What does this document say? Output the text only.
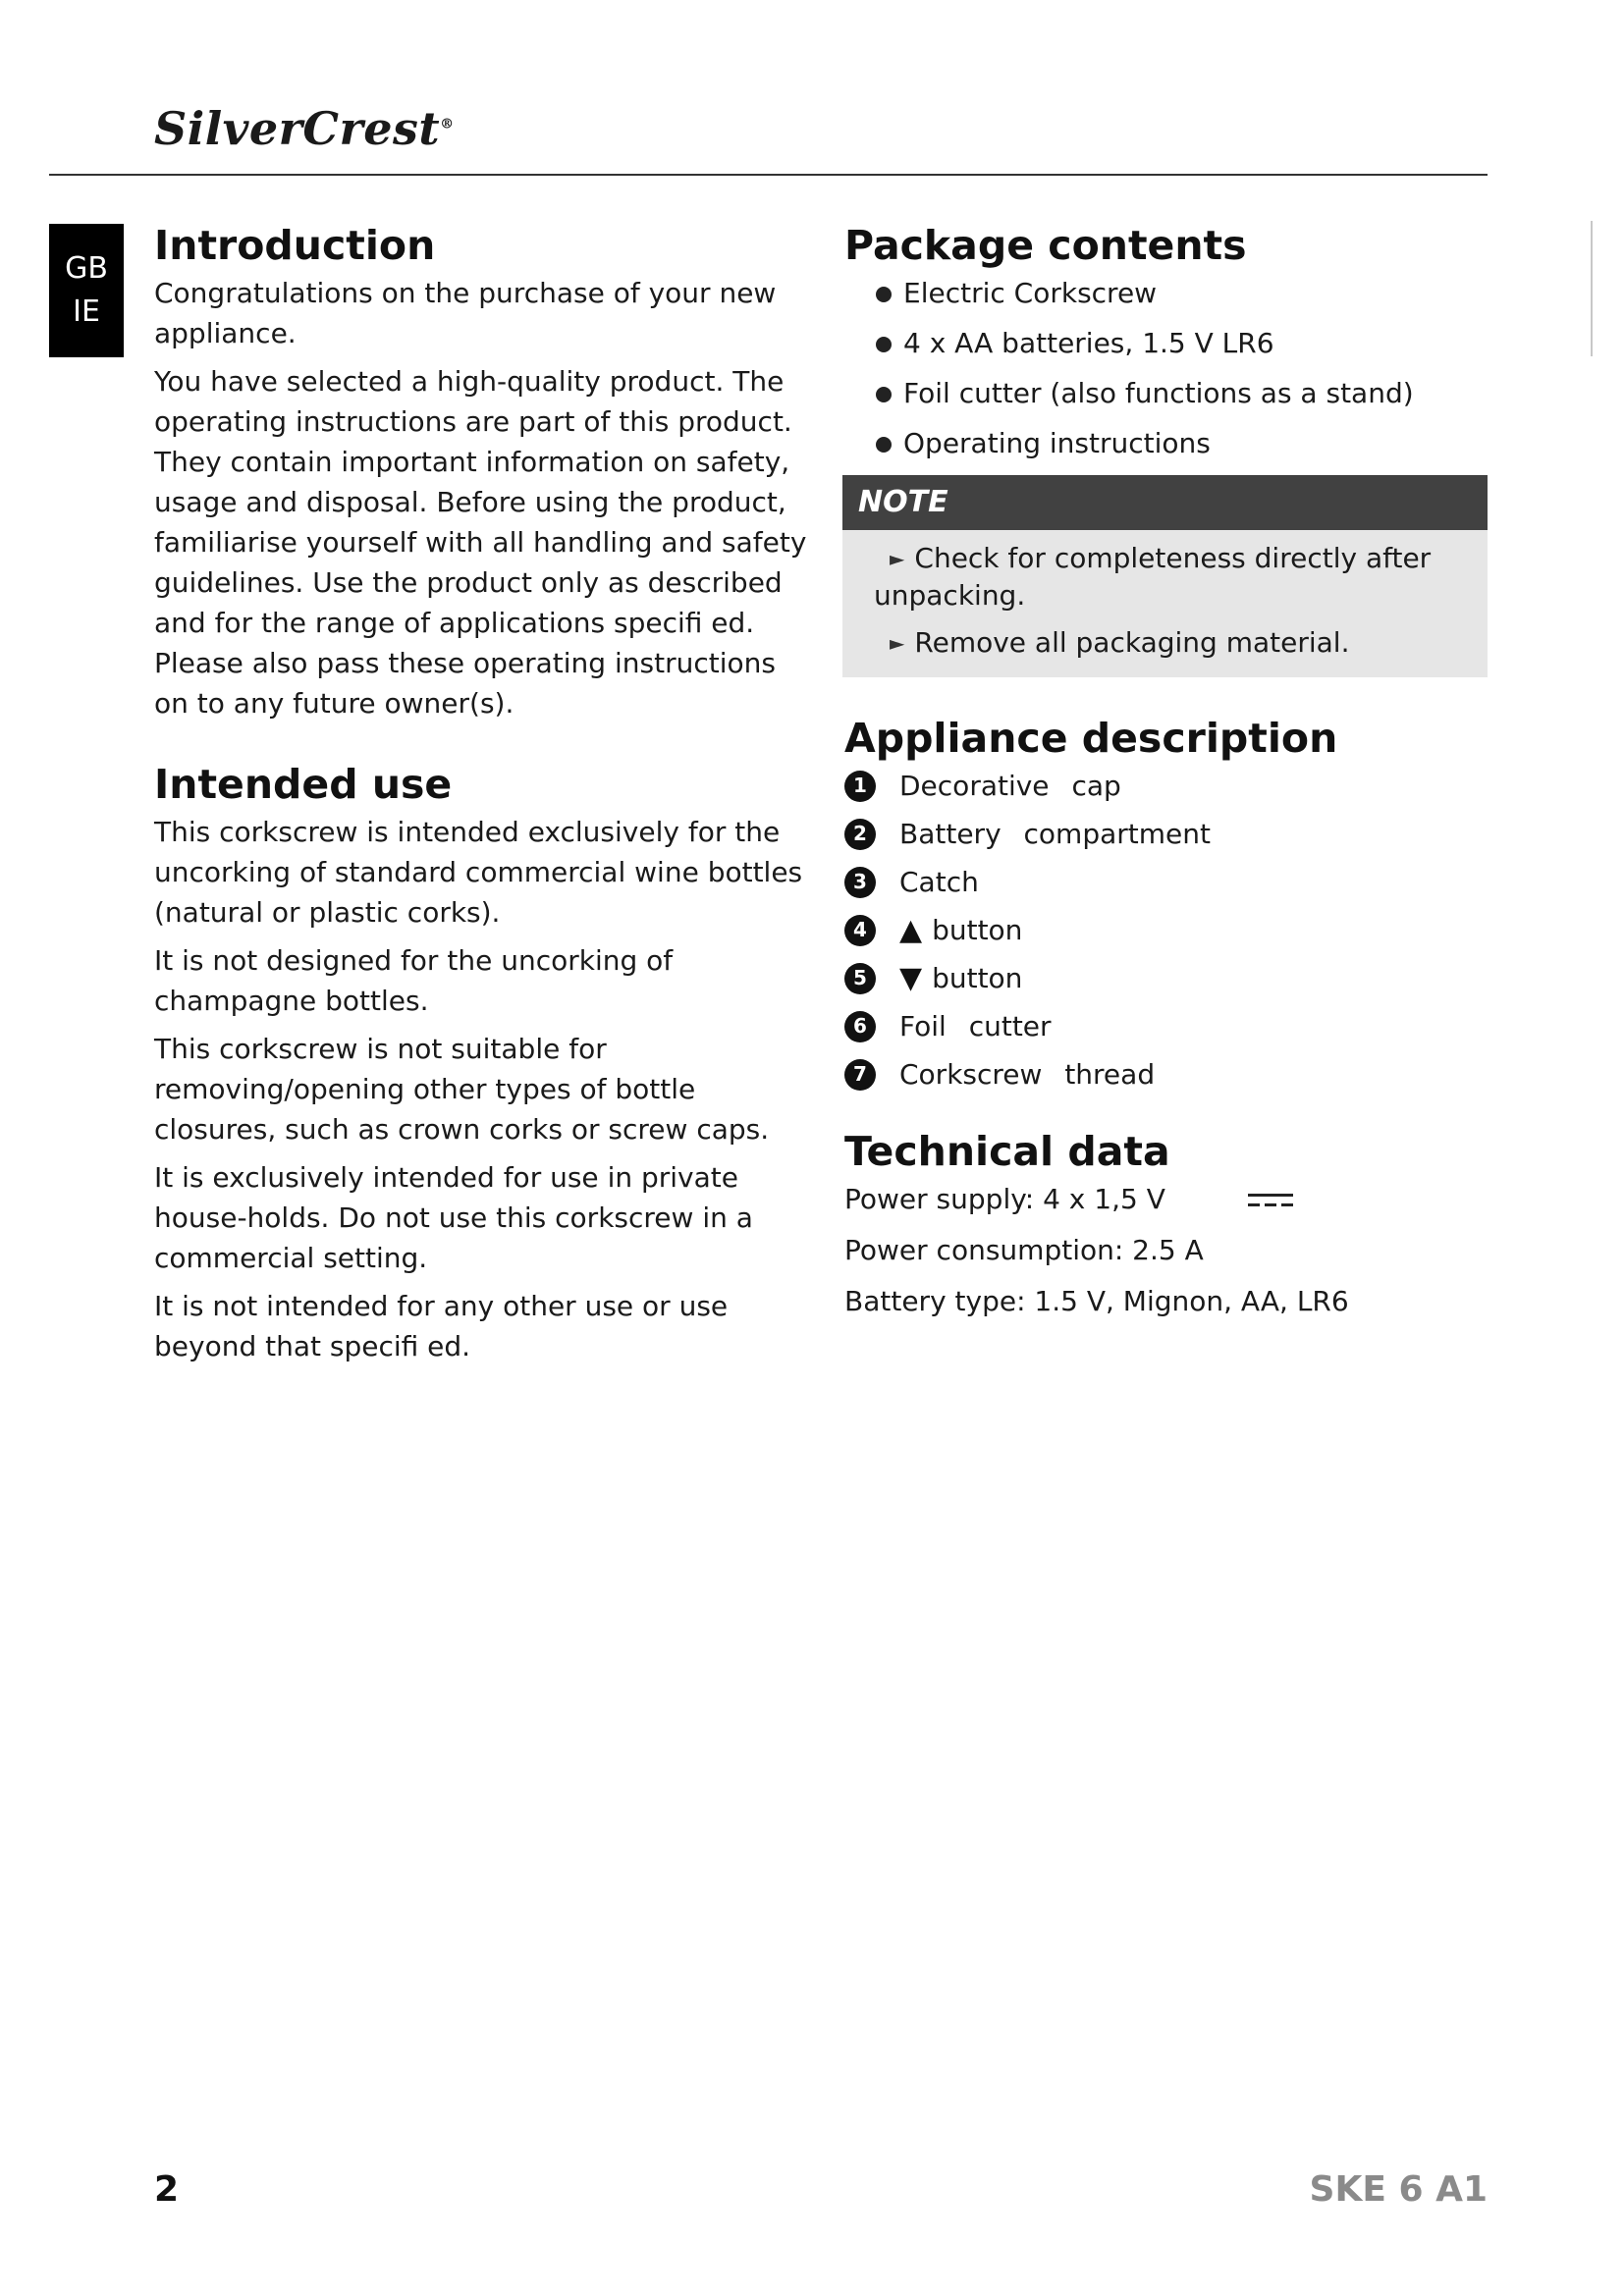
SilverCrest®
GB
IE
Introduction

Congratulations on the purchase of your new appliance.

You have selected a high-quality product. The operating instructions are part of this product. They contain important information on safety, usage and disposal. Before using the product, familiarise yourself with all handling and safety guidelines. Use the product only as described and for the range of applications specifi ed. Please also pass these operating instructions on to any future owner(s).

Intended use

This corkscrew is intended exclusively for the uncorking of standard commercial wine bottles (natural or plastic corks).

It is not designed for the uncorking of champagne bottles.

This corkscrew is not suitable for removing/opening other types of bottle closures, such as crown corks or screw caps.

It is exclusively intended for use in private house-holds. Do not use this corkscrew in a commercial setting.

It is not intended for any other use or use beyond that specifi ed.

Package contents
Electric Corkscrew
4 x AA batteries, 1.5 V LR6
Foil cutter (also functions as a stand)
Operating instructions
NOTE
► Check for completeness directly after
unpacking.
► Remove all packaging material.
Appliance description
1	Decorative cap
2	Battery compartment
3	Catch
4	▲ button
5	▼ button
6	Foil cutter
7	Corkscrew thread
Technical data

Power supply: 4 x 1,5 V

Power consumption: 2.5 A

Battery type: 1.5 V, Mignon, AA, LR6

2	SKE 6 A1
